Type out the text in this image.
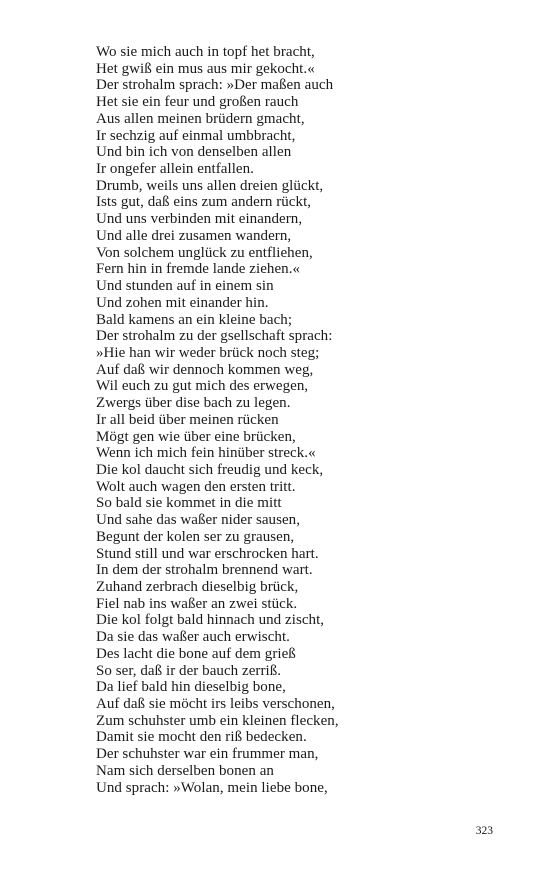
Wo sie mich auch in topf het bracht,
Het gwiß ein mus aus mir gekocht.«
Der strohalm sprach: »Der maßen auch
Het sie ein feur und großen rauch
Aus allen meinen brüdern gmacht,
Ir sechzig auf einmal umbbracht,
Und bin ich von denselben allen
Ir ongefer allein entfallen.
Drumb, weils uns allen dreien glückt,
Ists gut, daß eins zum andern rückt,
Und uns verbinden mit einandern,
Und alle drei zusamen wandern,
Von solchem unglück zu entfliehen,
Fern hin in fremde lande ziehen.«
Und stunden auf in einem sin
Und zohen mit einander hin.
Bald kamens an ein kleine bach;
Der strohalm zu der gsellschaft sprach:
»Hie han wir weder brück noch steg;
Auf daß wir dennoch kommen weg,
Wil euch zu gut mich des erwegen,
Zwergs über dise bach zu legen.
Ir all beid über meinen rücken
Mögt gen wie über eine brücken,
Wenn ich mich fein hinüber streck.«
Die kol daucht sich freudig und keck,
Wolt auch wagen den ersten tritt.
So bald sie kommet in die mitt
Und sahe das waßer nider sausen,
Begunt der kolen ser zu grausen,
Stund still und war erschrocken hart.
In dem der strohalm brennend wart.
Zuhand zerbrach dieselbig brück,
Fiel nab ins waßer an zwei stück.
Die kol folgt bald hinnach und zischt,
Da sie das waßer auch erwischt.
Des lacht die bone auf dem grieß
So ser, daß ir der bauch zerriß.
Da lief bald hin dieselbig bone,
Auf daß sie möcht irs leibs verschonen,
Zum schuhster umb ein kleinen flecken,
Damit sie mocht den riß bedecken.
Der schuhster war ein frummer man,
Nam sich derselben bonen an
Und sprach: »Wolan, mein liebe bone,
323
